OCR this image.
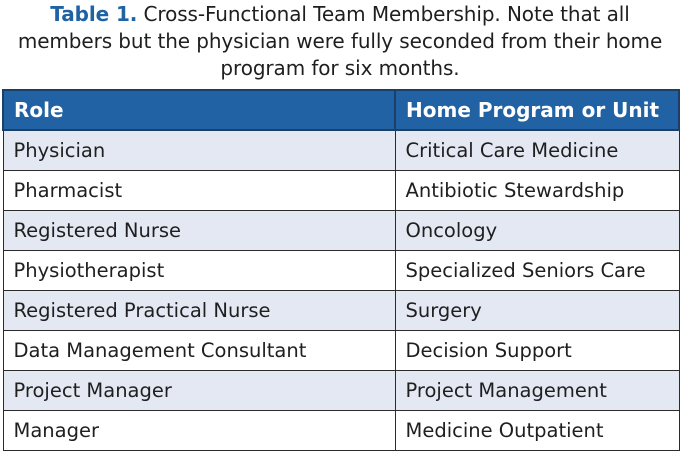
Table 1. Cross-Functional Team Membership. Note that all members but the physician were fully seconded from their home program for six months.
Role	Home Program or Unit
Physician	Critical Care Medicine
Pharmacist	Antibiotic Stewardship
Registered Nurse	Oncology
Physiotherapist	Specialized Seniors Care
Registered Practical Nurse	Surgery
Data Management Consultant	Decision Support
Project Manager	Project Management
Manager	Medicine Outpatient
